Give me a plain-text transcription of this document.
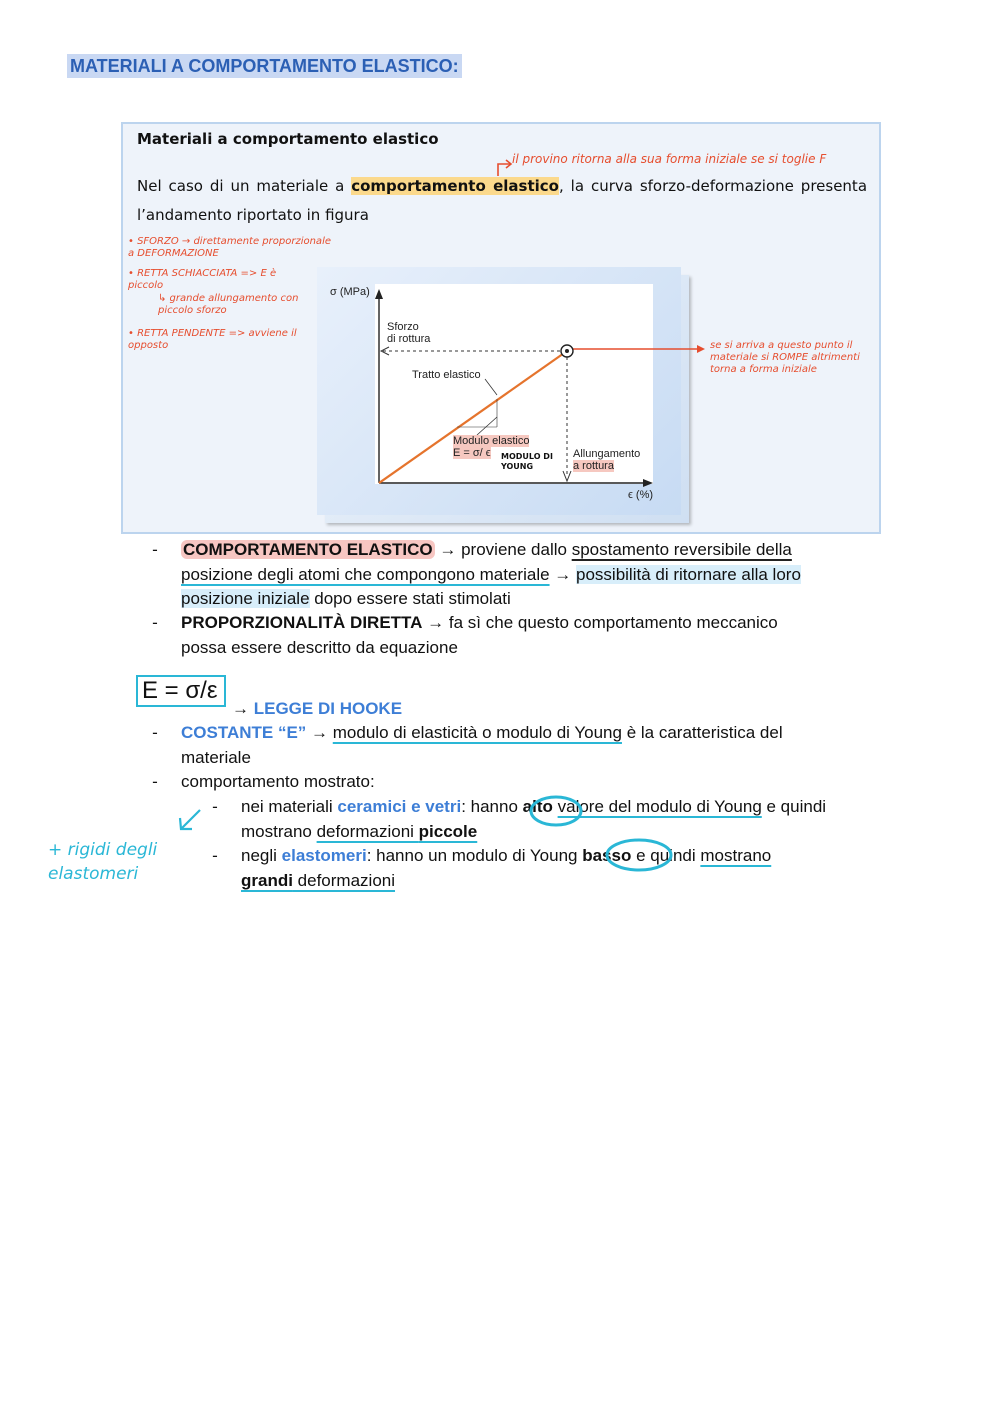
MATERIALI A COMPORTAMENTO ELASTICO:
Materiali a comportamento elastico
il provino ritorna alla sua forma iniziale se si toglie F
Nel caso di un materiale a comportamento elastico, la curva sforzo-deformazione presenta l’andamento riportato in figura
• SFORZO → direttamente proporzionale a DEFORMAZIONE
• RETTA SCHIACCIATA => E è piccolo
↳ grande allungamento con piccolo sforzo
• RETTA PENDENTE => avviene il opposto
σ (MPa)
ϵ (%)
Sforzo
di rottura
Tratto elastico
Modulo elastico
E = σ/ ϵ	Allungamento
a rottura
MODULO DI YOUNG
se si arriva a questo punto il materiale si ROMPE altrimenti torna a forma iniziale
-	COMPORTAMENTO ELASTICO → proviene dallo spostamento reversibile della
posizione degli atomi che compongono materiale → possibilità di ritornare alla loro
posizione iniziale dopo essere stati stimolati
-	PROPORZIONALITÀ DIRETTA → fa sì che questo comportamento meccanico
possa essere descritto da equazione
E = σ/ε
→ LEGGE DI HOOKE
-	COSTANTE “E” → modulo di elasticità o modulo di Young è la caratteristica del
materiale
-	comportamento mostrato:
-	nei materiali ceramici e vetri: hanno alto valore del modulo di Young e quindi
mostrano deformazioni piccole
-	negli elastomeri: hanno un modulo di Young basso e quindi mostrano
grandi deformazioni
+ rigidi degli elastomeri
